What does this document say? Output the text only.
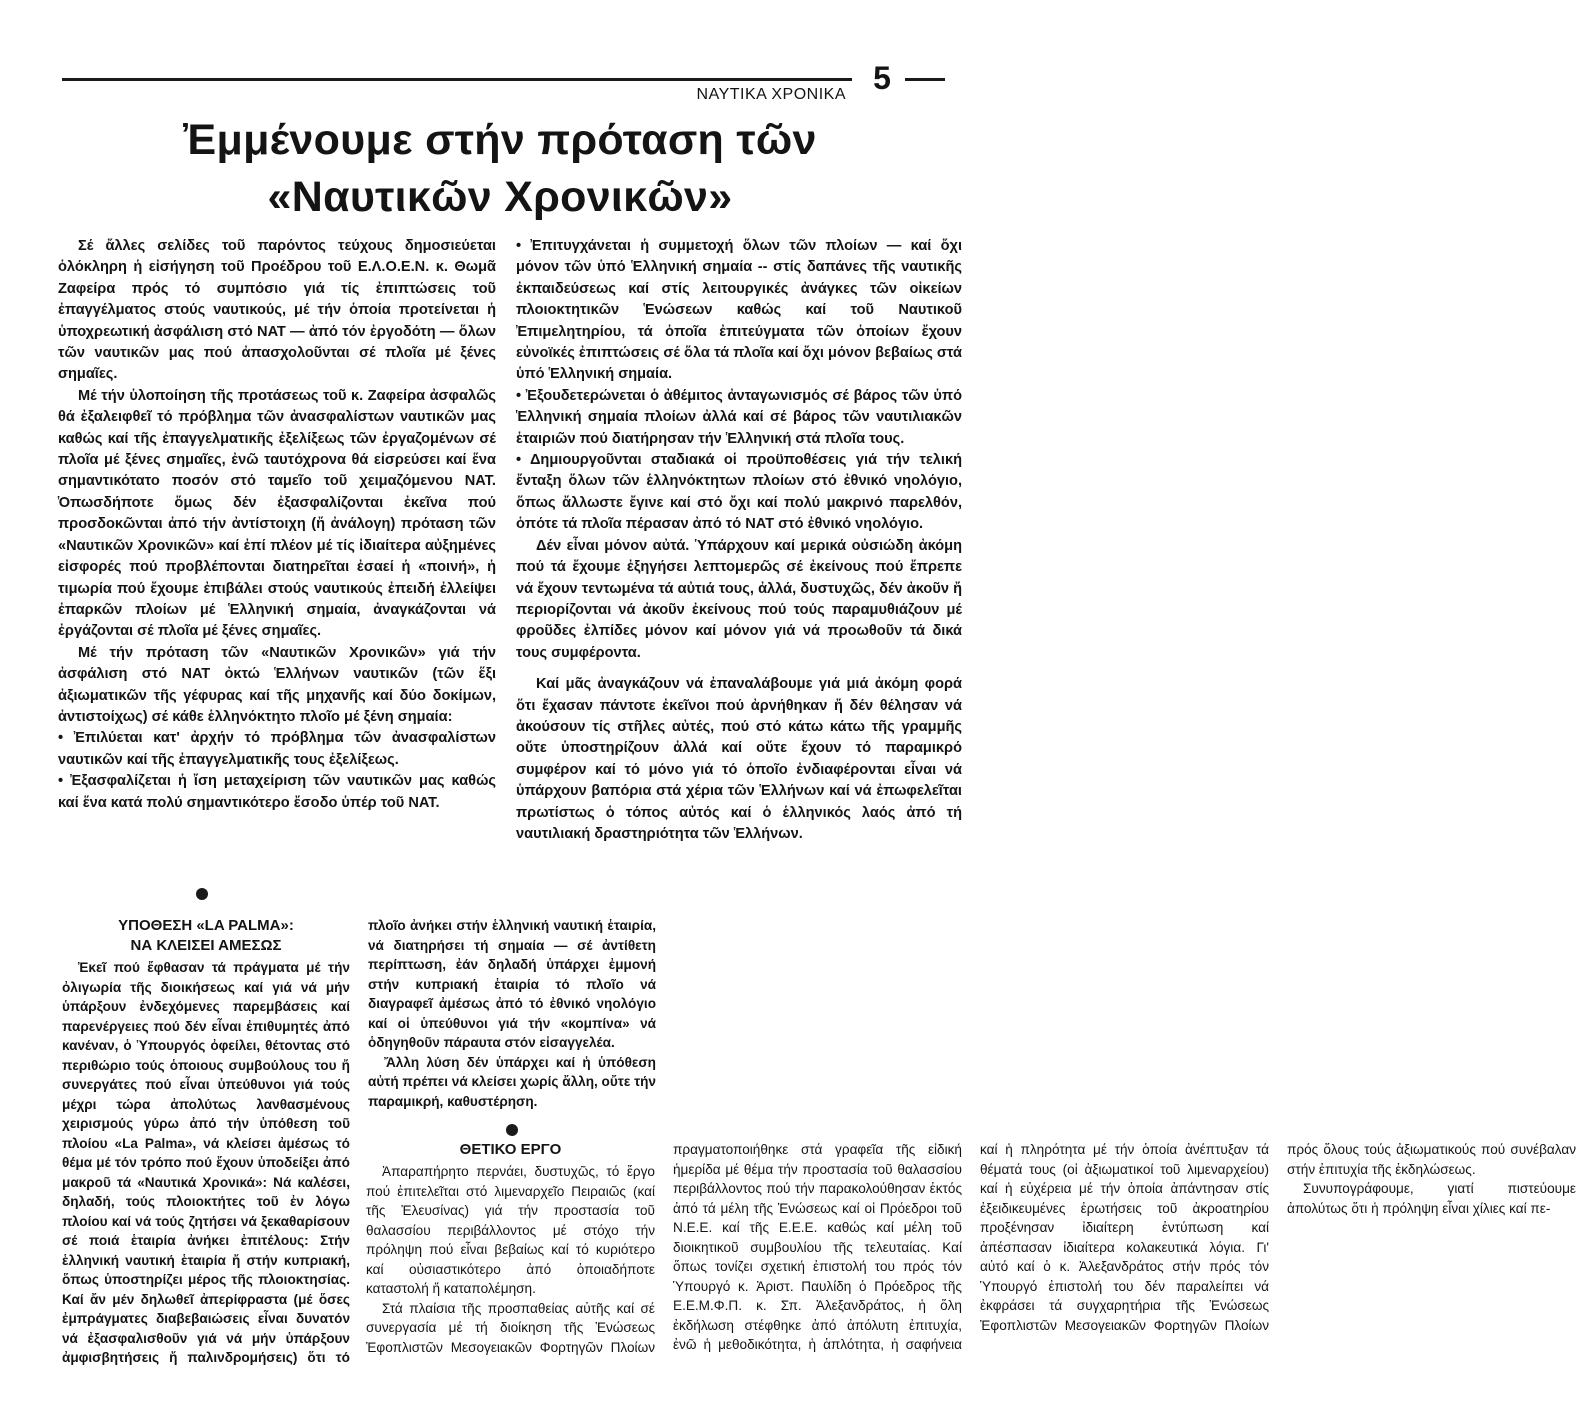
5
ΝΑΥΤΙΚΑ ΧΡΟΝΙΚΑ
Ἐμμένουμε στήν πρόταση τῶν
«Ναυτικῶν Χρονικῶν»

Σέ ἄλλες σελίδες τοῦ παρόντος τεύχους δημοσιεύεται ὁλόκληρη ἡ εἰσήγηση τοῦ Προέδρου τοῦ Ε.Λ.Ο.Ε.Ν. κ. Θωμᾶ Ζαφείρα πρός τό συμπόσιο γιά τίς ἐπιπτώσεις τοῦ ἐπαγγέλματος στούς ναυτικούς, μέ τήν ὁποία προτείνεται ἡ ὑποχρεωτική ἀσφάλιση στό ΝΑΤ — ἀπό τόν ἐργοδότη — ὅλων τῶν ναυτικῶν μας πού ἀπασχολοῦνται σέ πλοῖα μέ ξένες σημαῖες.

Μέ τήν ὑλοποίηση τῆς προτάσεως τοῦ κ. Ζαφείρα ἀσφαλῶς θά ἐξαλειφθεῖ τό πρόβλημα τῶν ἀνασφαλίστων ναυτικῶν μας καθώς καί τῆς ἐπαγγελματικῆς ἐξελίξεως τῶν ἐργαζομένων σέ πλοῖα μέ ξένες σημαῖες, ἐνῶ ταυτόχρονα θά εἰσρεύσει καί ἕνα σημαντικότατο ποσόν στό ταμεῖο τοῦ χειμαζόμενου ΝΑΤ. Ὁπωσδήποτε ὅμως δέν ἐξασφαλίζονται ἐκεῖνα πού προσδοκῶνται ἀπό τήν ἀντίστοιχη (ἤ ἀνάλογη) πρόταση τῶν «Ναυτικῶν Χρονικῶν» καί ἐπί πλέον μέ τίς ἰδιαίτερα αὐξημένες εἰσφορές πού προβλέπονται διατηρεῖται ἐσαεί ἡ «ποινή», ἡ τιμωρία πού ἔχουμε ἐπιβάλει στούς ναυτικούς ἐπειδή ἐλλείψει ἐπαρκῶν πλοίων μέ Ἑλληνική σημαία, ἀναγκάζονται νά ἐργάζονται σέ πλοῖα μέ ξένες σημαῖες.

Μέ τήν πρόταση τῶν «Ναυτικῶν Χρονικῶν» γιά τήν ἀσφάλιση στό ΝΑΤ ὀκτώ Ἑλλήνων ναυτικῶν (τῶν ἕξι ἀξιωματικῶν τῆς γέφυρας καί τῆς μηχανῆς καί δύο δοκίμων, ἀντιστοίχως) σέ κάθε ἑλληνόκτητο πλοῖο μέ ξένη σημαία:

• Ἐπιλύεται κατ' ἀρχήν τό πρόβλημα τῶν ἀνασφαλίστων ναυτικῶν καί τῆς ἐπαγγελματικῆς τους ἐξελίξεως.

• Ἐξασφαλίζεται ἡ ἴση μεταχείριση τῶν ναυτικῶν μας καθώς καί ἕνα κατά πολύ σημαντικότερο ἔσοδο ὑπέρ τοῦ ΝΑΤ.

• Ἐπιτυγχάνεται ἡ συμμετοχή ὅλων τῶν πλοίων — καί ὄχι μόνον τῶν ὑπό Ἑλληνική σημαία -- στίς δαπάνες τῆς ναυτικῆς ἐκπαιδεύσεως καί στίς λειτουργικές ἀνάγκες τῶν οἰκείων πλοιοκτητικῶν Ἑνώσεων καθώς καί τοῦ Ναυτικοῦ Ἐπιμελητηρίου, τά ὁποῖα ἐπιτεύγματα τῶν ὁποίων ἔχουν εὐνοϊκές ἐπιπτώσεις σέ ὅλα τά πλοῖα καί ὄχι μόνον βεβαίως στά ὑπό Ἑλληνική σημαία.

• Ἐξουδετερώνεται ὁ ἀθέμιτος ἀνταγωνισμός σέ βάρος τῶν ὑπό Ἑλληνική σημαία πλοίων ἀλλά καί σέ βάρος τῶν ναυτιλιακῶν ἑταιριῶν πού διατήρησαν τήν Ἑλληνική στά πλοῖα τους.

• Δημιουργοῦνται σταδιακά οἱ προϋποθέσεις γιά τήν τελική ἔνταξη ὅλων τῶν ἑλληνόκτητων πλοίων στό ἐθνικό νηολόγιο, ὅπως ἄλλωστε ἔγινε καί στό ὄχι καί πολύ μακρινό παρελθόν, ὁπότε τά πλοῖα πέρασαν ἀπό τό ΝΑΤ στό ἐθνικό νηολόγιο.

Δέν εἶναι μόνον αὐτά. Ὑπάρχουν καί μερικά οὐσιώδη ἀκόμη πού τά ἔχουμε ἐξηγήσει λεπτομερῶς σέ ἐκείνους πού ἔπρεπε νά ἔχουν τεντωμένα τά αὐτιά τους, ἀλλά, δυστυχῶς, δέν ἀκοῦν ἤ περιορίζονται νά ἀκοῦν ἐκείνους πού τούς παραμυθιάζουν μέ φροῦδες ἐλπίδες μόνον καί μόνον γιά νά προωθοῦν τά δικά τους συμφέροντα.

Καί μᾶς ἀναγκάζουν νά ἐπαναλάβουμε γιά μιά ἀκόμη φορά ὅτι ἔχασαν πάντοτε ἐκεῖνοι πού ἀρνήθηκαν ἤ δέν θέλησαν νά ἀκούσουν τίς στῆλες αὐτές, πού στό κάτω κάτω τῆς γραμμῆς οὔτε ὑποστηρίζουν ἀλλά καί οὔτε ἔχουν τό παραμικρό συμφέρον καί τό μόνο γιά τό ὁποῖο ἐνδιαφέρονται εἶναι νά ὑπάρχουν βαπόρια στά χέρια τῶν Ἑλλήνων καί νά ἐπωφελεῖται πρωτίστως ὁ τόπος αὐτός καί ὁ ἑλληνικός λαός ἀπό τή ναυτιλιακή δραστηριότητα τῶν Ἑλλήνων.

ΥΠΟΘΕΣΗ «LA PALMA»:
ΝΑ ΚΛΕΙΣΕΙ ΑΜΕΣΩΣ

Ἐκεῖ πού ἔφθασαν τά πράγματα μέ τήν ὀλιγωρία τῆς διοικήσεως καί γιά νά μήν ὑπάρξουν ἐνδεχόμενες παρεμβάσεις καί παρενέργειες πού δέν εἶναι ἐπιθυμητές ἀπό κανέναν, ὁ Ὑπουργός ὀφείλει, θέτοντας στό περιθώριο τούς ὁποιους συμβούλους του ἤ συνεργάτες πού εἶναι ὑπεύθυνοι γιά τούς μέχρι τώρα ἀπολύτως λανθασμένους χειρισμούς γύρω ἀπό τήν ὑπόθεση τοῦ πλοίου «La Palma», νά κλείσει ἀμέσως τό θέμα μέ τόν τρόπο πού ἔχουν ὑποδείξει ἀπό μακροῦ τά «Ναυτικά Χρονικά»: Νά καλέσει, δηλαδή, τούς πλοιοκτήτες τοῦ ἐν λόγω πλοίου καί νά τούς ζητήσει νά ξεκαθαρίσουν σέ ποιά ἑταιρία ἀνήκει ἐπιτέλους: Στήν ἑλληνική ναυτική ἑταιρία ἤ στήν κυπριακή, ὅπως ὑποστηρίζει μέρος τῆς πλοιοκτησίας. Καί ἄν μέν δηλωθεῖ ἀπερίφραστα (μέ ὅσες ἐμπράγματες διαβεβαιώσεις εἶναι δυνατόν νά ἐξασφαλισθοῦν γιά νά μήν ὑπάρξουν ἀμφισβητήσεις ἤ παλινδρομήσεις) ὅτι τό πλοῖο ἀνήκει στήν ἑλληνική ναυτική ἑταιρία, νά διατηρήσει τή σημαία — σέ ἀντίθετη περίπτωση, ἐάν δηλαδή ὑπάρχει ἐμμονή στήν κυπριακή ἑταιρία τό πλοῖο νά διαγραφεῖ ἀμέσως ἀπό τό ἐθνικό νηολόγιο καί οἱ ὑπεύθυνοι γιά τήν «κομπίνα» νά ὁδηγηθοῦν πάραυτα στόν εἰσαγγελέα.

Ἄλλη λύση δέν ὑπάρχει καί ἡ ὑπόθεση αὐτή πρέπει νά κλείσει χωρίς ἄλλη, οὔτε τήν παραμικρή, καθυστέρηση.

ΘΕΤΙΚΟ ΕΡΓΟ

Ἀπαραπήρητο περνάει, δυστυχῶς, τό ἔργο πού ἐπιτελεῖται στό λιμεναρχεῖο Πειραιῶς (καί τῆς Ἐλευσίνας) γιά τήν προστασία τοῦ θαλασσίου περιβάλλοντος μέ στόχο τήν πρόληψη πού εἶναι βεβαίως καί τό κυριότερο καί οὐσιαστικότερο ἀπό ὁποιαδήποτε καταστολή ἤ καταπολέμηση.

Στά πλαίσια τῆς προσπαθείας αὐτῆς καί σέ συνεργασία μέ τή διοίκηση τῆς Ἑνώσεως Ἐφοπλιστῶν Μεσογειακῶν Φορτηγῶν Πλοίων πραγματοποιήθηκε στά γραφεῖα τῆς εἰδική ἡμερίδα μέ θέμα τήν προστασία τοῦ θαλασσίου περιβάλλοντος πού τήν παρακολούθησαν ἐκτός ἀπό τά μέλη τῆς Ἑνώσεως καί οἱ Πρόεδροι τοῦ Ν.Ε.Ε. καί τῆς Ε.Ε.Ε. καθώς καί μέλη τοῦ διοικητικοῦ συμβουλίου τῆς τελευταίας. Καί ὅπως τονίζει σχετική ἐπιστολή του πρός τόν Ὑπουργό κ. Ἀριστ. Παυλίδη ὁ Πρόεδρος τῆς Ε.Ε.Μ.Φ.Π. κ. Σπ. Ἀλεξανδράτος, ἡ ὅλη ἐκδήλωση στέφθηκε ἀπό ἀπόλυτη ἐπιτυχία, ἐνῶ ἡ μεθοδικότητα, ἡ ἁπλότητα, ἡ σαφήνεια καί ἡ πληρότητα μέ τήν ὁποία ἀνέπτυξαν τά θέματά τους (οἱ ἀξιωματικοί τοῦ λιμεναρχείου) καί ἡ εὐχέρεια μέ τήν ὁποία ἀπάντησαν στίς ἐξειδικευμένες ἐρωτήσεις τοῦ ἀκροατηρίου προξένησαν ἰδιαίτερη ἐντύπωση καί ἀπέσπασαν ἰδιαίτερα κολακευτικά λόγια. Γι' αὐτό καί ὁ κ. Ἀλεξανδράτος στήν πρός τόν Ὑπουργό ἐπιστολή του δέν παραλείπει νά ἐκφράσει τά συγχαρητήρια τῆς Ἑνώσεως Ἐφοπλιστῶν Μεσογειακῶν Φορτηγῶν Πλοίων πρός ὅλους τούς ἀξιωματικούς πού συνέβαλαν στήν ἐπιτυχία τῆς ἐκδηλώσεως.

Συνυπογράφουμε, γιατί πιστεύουμε ἀπολύτως ὅτι ἡ πρόληψη εἶναι χίλιες καί πε-
